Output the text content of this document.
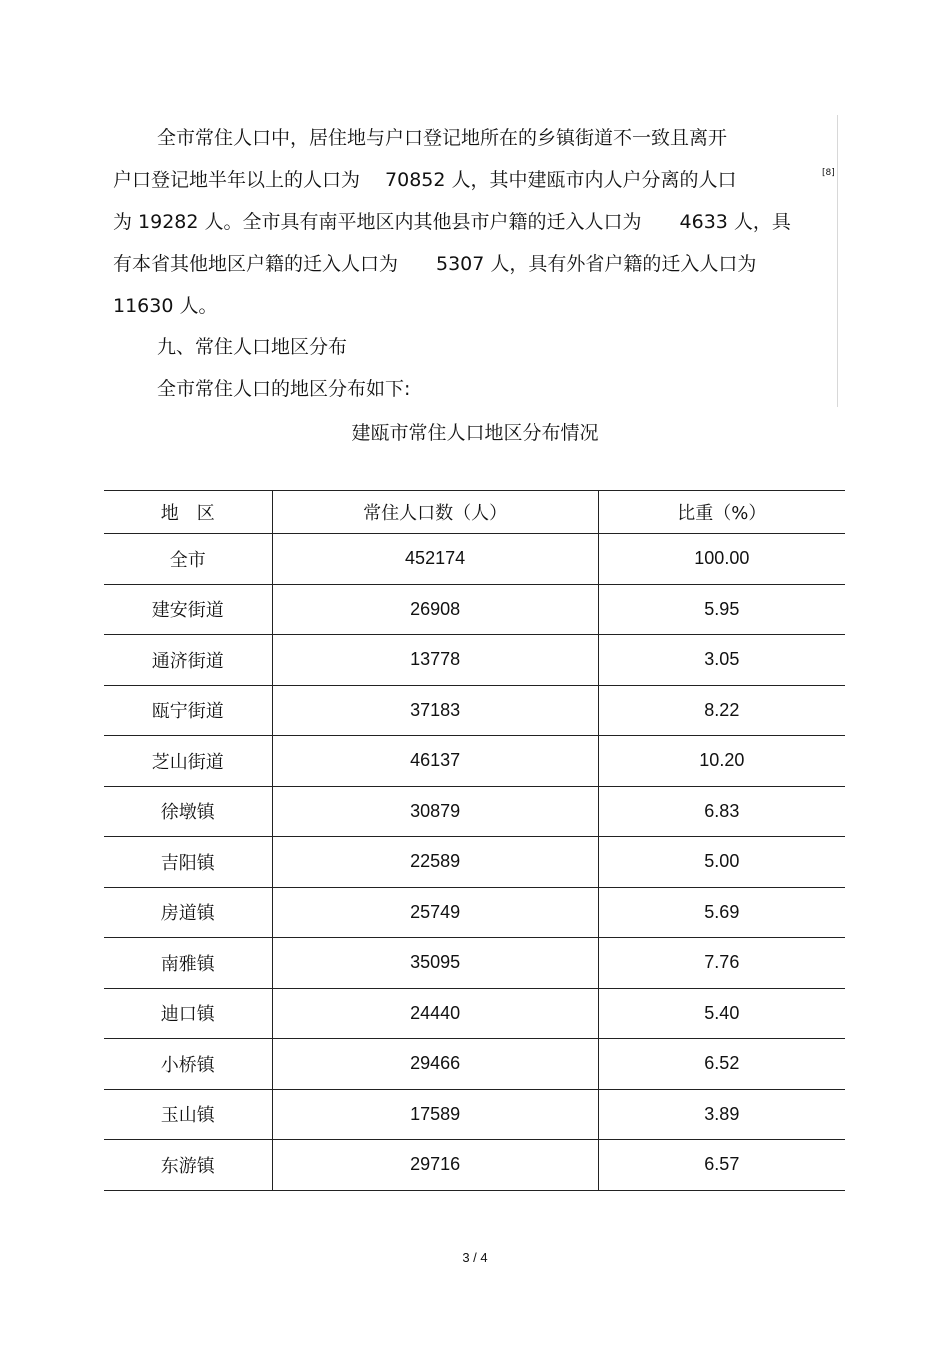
全市常住人口中，居住地与户口登记地所在的乡镇街道不一致且离开
户口登记地半年以上的人口为　 70852 人，其中建瓯市内人户分离的人口
为 19282 人。全市具有南平地区内其他县市户籍的迁入人口为　　4633 人，具
有本省其他地区户籍的迁入人口为　　5307 人，具有外省户籍的迁入人口为
11630 人。
[8]
九、常住人口地区分布

全市常住人口的地区分布如下:

建瓯市常住人口地区分布情况

地　区	常住人口数（人）	比重（%）
全市	452174	100.00
建安街道	26908	5.95
通济街道	13778	3.05
瓯宁街道	37183	8.22
芝山街道	46137	10.20
徐墩镇	30879	6.83
吉阳镇	22589	5.00
房道镇	25749	5.69
南雅镇	35095	7.76
迪口镇	24440	5.40
小桥镇	29466	6.52
玉山镇	17589	3.89
东游镇	29716	6.57
3 / 4
